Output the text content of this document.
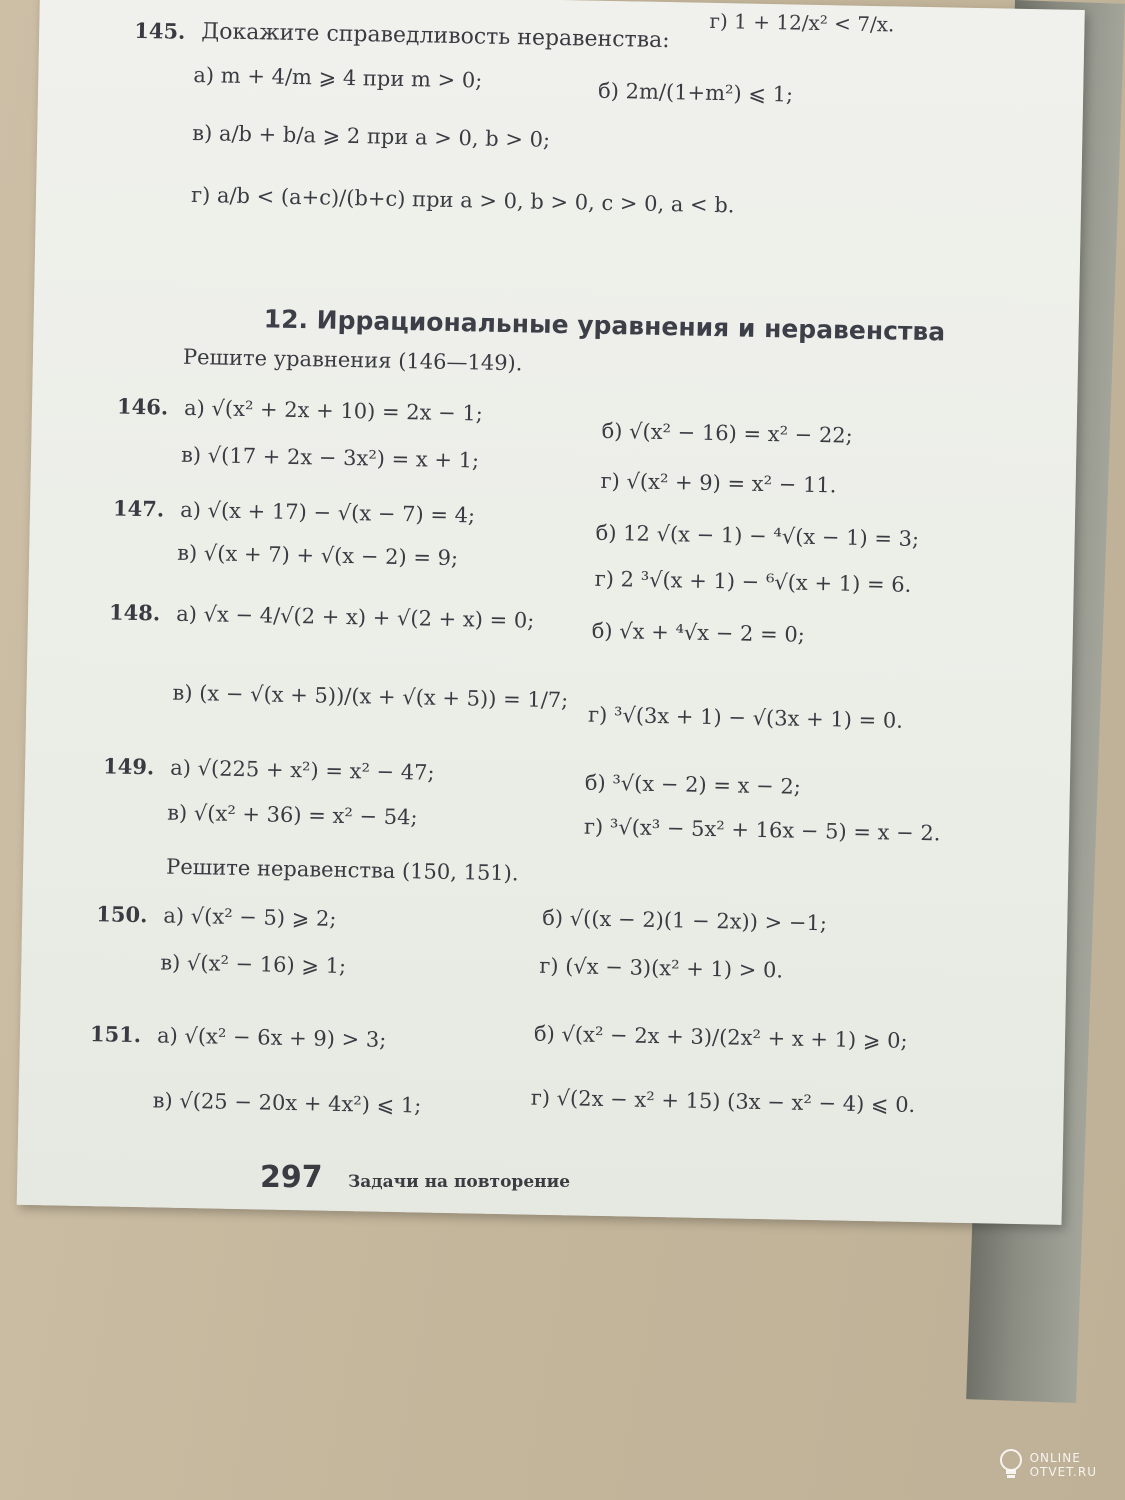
г) 1 + 12/x² < 7/x.
145. Докажите справедливость неравенства:
а) m + 4/m ⩾ 4 при m > 0;
б) 2m/(1+m²) ⩽ 1;
в) a/b + b/a ⩾ 2 при a > 0, b > 0;
г) a/b < (a+c)/(b+c) при a > 0, b > 0, c > 0, a < b.
12. Иррациональные уравнения и неравенства
Решите уравнения (146—149).
146. а) √(x² + 2x + 10) = 2x − 1;
б) √(x² − 16) = x² − 22;
в) √(17 + 2x − 3x²) = x + 1;
г) √(x² + 9) = x² − 11.
147. а) √(x + 17) − √(x − 7) = 4;
б) 12 √(x − 1) − ⁴√(x − 1) = 3;
в) √(x + 7) + √(x − 2) = 9;
г) 2 ³√(x + 1) − ⁶√(x + 1) = 6.
148. а) √x − 4/√(2 + x) + √(2 + x) = 0;
б) √x + ⁴√x − 2 = 0;
в) (x − √(x + 5))/(x + √(x + 5)) = 1/7;
г) ³√(3x + 1) − √(3x + 1) = 0.
149. а) √(225 + x²) = x² − 47;
б) ³√(x − 2) = x − 2;
в) √(x² + 36) = x² − 54;	г) ³√(x³ − 5x² + 16x − 5) = x − 2.
Решите неравенства (150, 151).
150. а) √(x² − 5) ⩾ 2;	б) √((x − 2)(1 − 2x)) > −1;
в) √(x² − 16) ⩾ 1;	г) (√x − 3)(x² + 1) > 0.
151. а) √(x² − 6x + 9) > 3;	б) √(x² − 2x + 3)/(2x² + x + 1) ⩾ 0;
в) √(25 − 20x + 4x²) ⩽ 1;	г) √(2x − x² + 15) (3x − x² − 4) ⩽ 0.
297 Задачи на повторение
ONLINE
OTVET.RU
